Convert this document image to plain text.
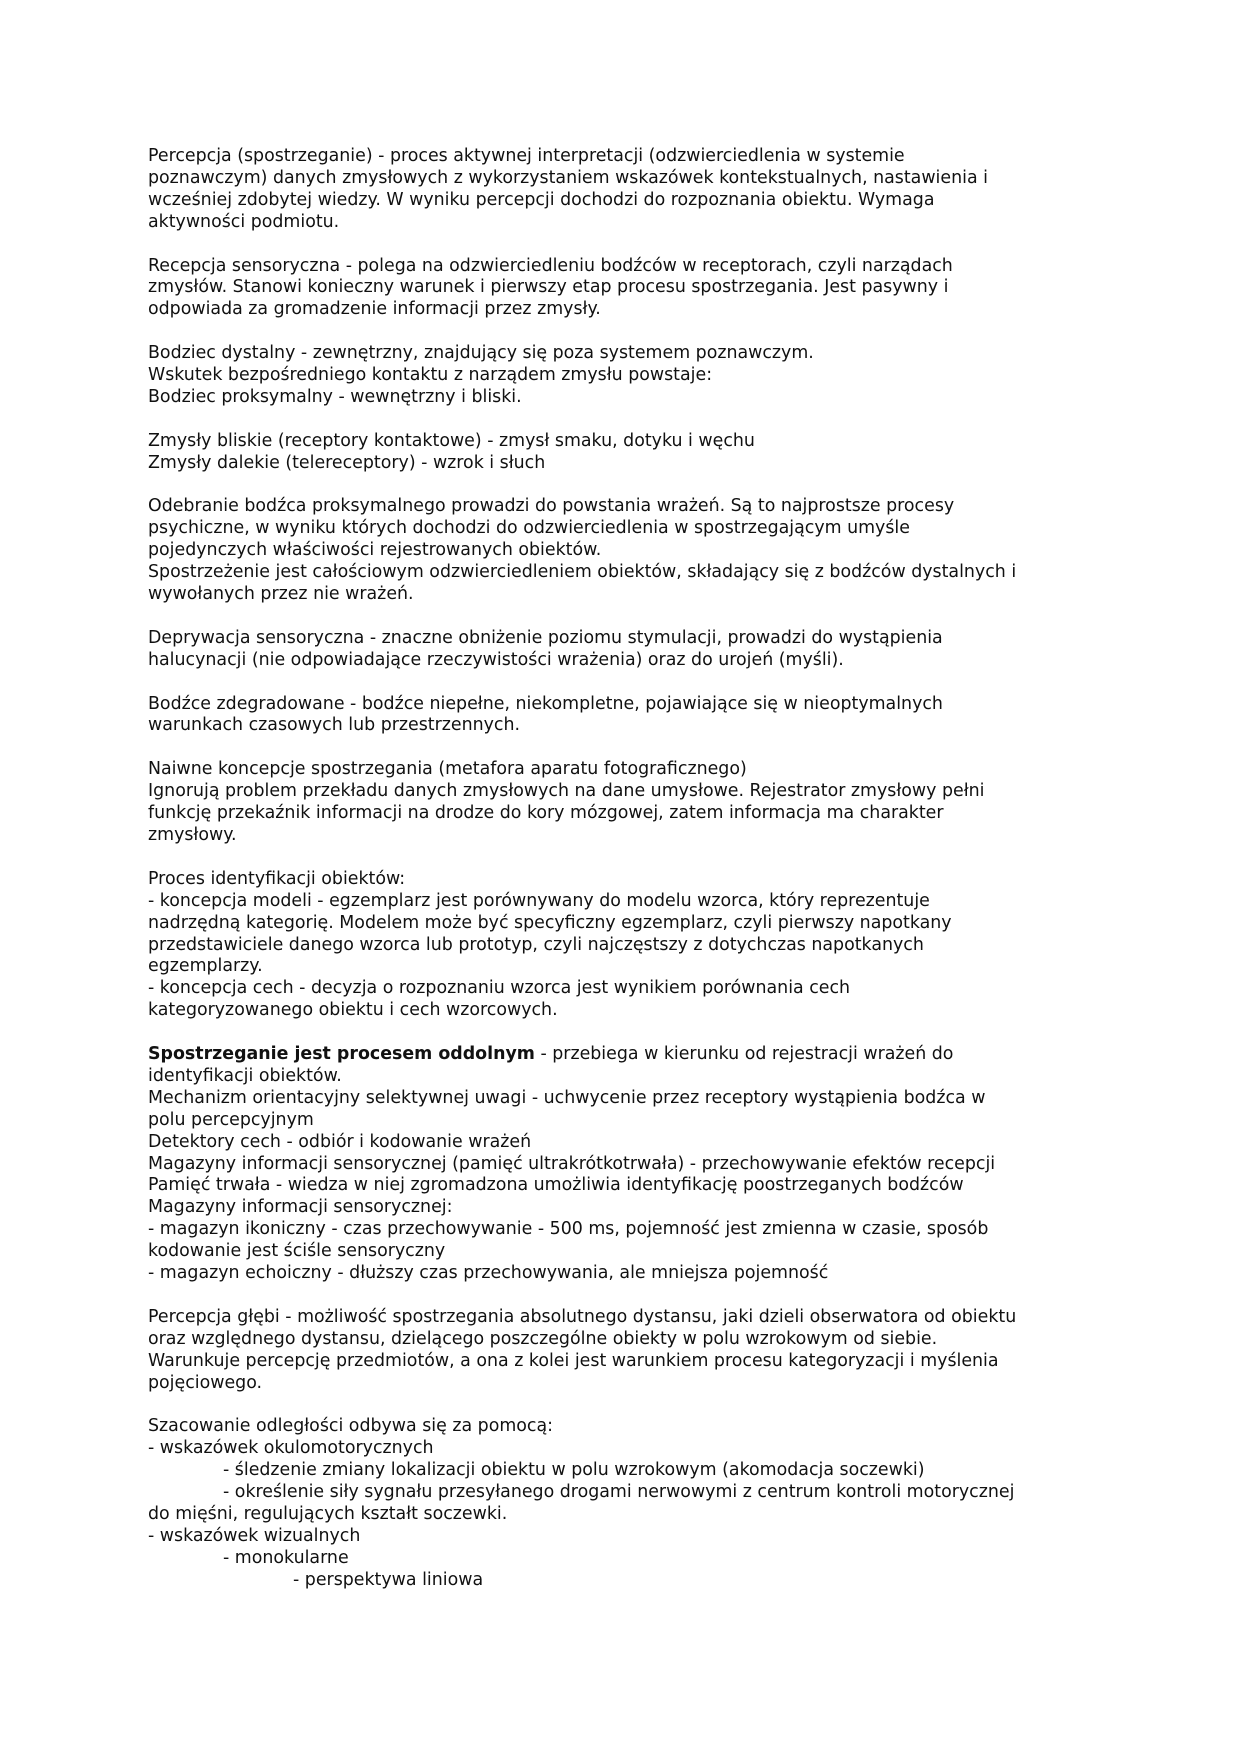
Percepcja (spostrzeganie) - proces aktywnej interpretacji (odzwierciedlenia w systemie
poznawczym) danych zmysłowych z wykorzystaniem wskazówek kontekstualnych, nastawienia i
wcześniej zdobytej wiedzy. W wyniku percepcji dochodzi do rozpoznania obiektu. Wymaga
aktywności podmiotu.

Recepcja sensoryczna - polega na odzwierciedleniu bodźców w receptorach, czyli narządach
zmysłów. Stanowi konieczny warunek i pierwszy etap procesu spostrzegania. Jest pasywny i
odpowiada za gromadzenie informacji przez zmysły.

Bodziec dystalny - zewnętrzny, znajdujący się poza systemem poznawczym.
Wskutek bezpośredniego kontaktu z narządem zmysłu powstaje:
Bodziec proksymalny - wewnętrzny i bliski.

Zmysły bliskie (receptory kontaktowe) - zmysł smaku, dotyku i węchu
Zmysły dalekie (telereceptory) - wzrok i słuch

Odebranie bodźca proksymalnego prowadzi do powstania wrażeń. Są to najprostsze procesy
psychiczne, w wyniku których dochodzi do odzwierciedlenia w spostrzegającym umyśle
pojedynczych właściwości rejestrowanych obiektów.
Spostrzeżenie jest całościowym odzwierciedleniem obiektów, składający się z bodźców dystalnych i
wywołanych przez nie wrażeń.

Deprywacja sensoryczna - znaczne obniżenie poziomu stymulacji, prowadzi do wystąpienia
halucynacji (nie odpowiadające rzeczywistości wrażenia) oraz do urojeń (myśli).

Bodźce zdegradowane - bodźce niepełne, niekompletne, pojawiające się w nieoptymalnych
warunkach czasowych lub przestrzennych.

Naiwne koncepcje spostrzegania (metafora aparatu fotograficznego)
Ignorują problem przekładu danych zmysłowych na dane umysłowe. Rejestrator zmysłowy pełni
funkcję przekaźnik informacji na drodze do kory mózgowej, zatem informacja ma charakter
zmysłowy.

Proces identyfikacji obiektów:
- koncepcja modeli - egzemplarz jest porównywany do modelu wzorca, który reprezentuje
nadrzędną kategorię. Modelem może być specyficzny egzemplarz, czyli pierwszy napotkany
przedstawiciele danego wzorca lub prototyp, czyli najczęstszy z dotychczas napotkanych
egzemplarzy.
- koncepcja cech - decyzja o rozpoznaniu wzorca jest wynikiem porównania cech
kategoryzowanego obiektu i cech wzorcowych.

Spostrzeganie jest procesem oddolnym - przebiega w kierunku od rejestracji wrażeń do
identyfikacji obiektów.
Mechanizm orientacyjny selektywnej uwagi - uchwycenie przez receptory wystąpienia bodźca w
polu percepcyjnym
Detektory cech - odbiór i kodowanie wrażeń
Magazyny informacji sensorycznej (pamięć ultrakrótkotrwała) - przechowywanie efektów recepcji
Pamięć trwała - wiedza w niej zgromadzona umożliwia identyfikację poostrzeganych bodźców
Magazyny informacji sensorycznej:
- magazyn ikoniczny - czas przechowywanie - 500 ms, pojemność jest zmienna w czasie, sposób
kodowanie jest ściśle sensoryczny
- magazyn echoiczny - dłuższy czas przechowywania, ale mniejsza pojemność

Percepcja głębi - możliwość spostrzegania absolutnego dystansu, jaki dzieli obserwatora od obiektu
oraz względnego dystansu, dzielącego poszczególne obiekty w polu wzrokowym od siebie.
Warunkuje percepcję przedmiotów, a ona z kolei jest warunkiem procesu kategoryzacji i myślenia
pojęciowego.

Szacowanie odległości odbywa się za pomocą:
- wskazówek okulomotorycznych
- śledzenie zmiany lokalizacji obiektu w polu wzrokowym (akomodacja soczewki)
- określenie siły sygnału przesyłanego drogami nerwowymi z centrum kontroli motorycznej
do mięśni, regulujących kształt soczewki.
- wskazówek wizualnych
- monokularne
- perspektywa liniowa
